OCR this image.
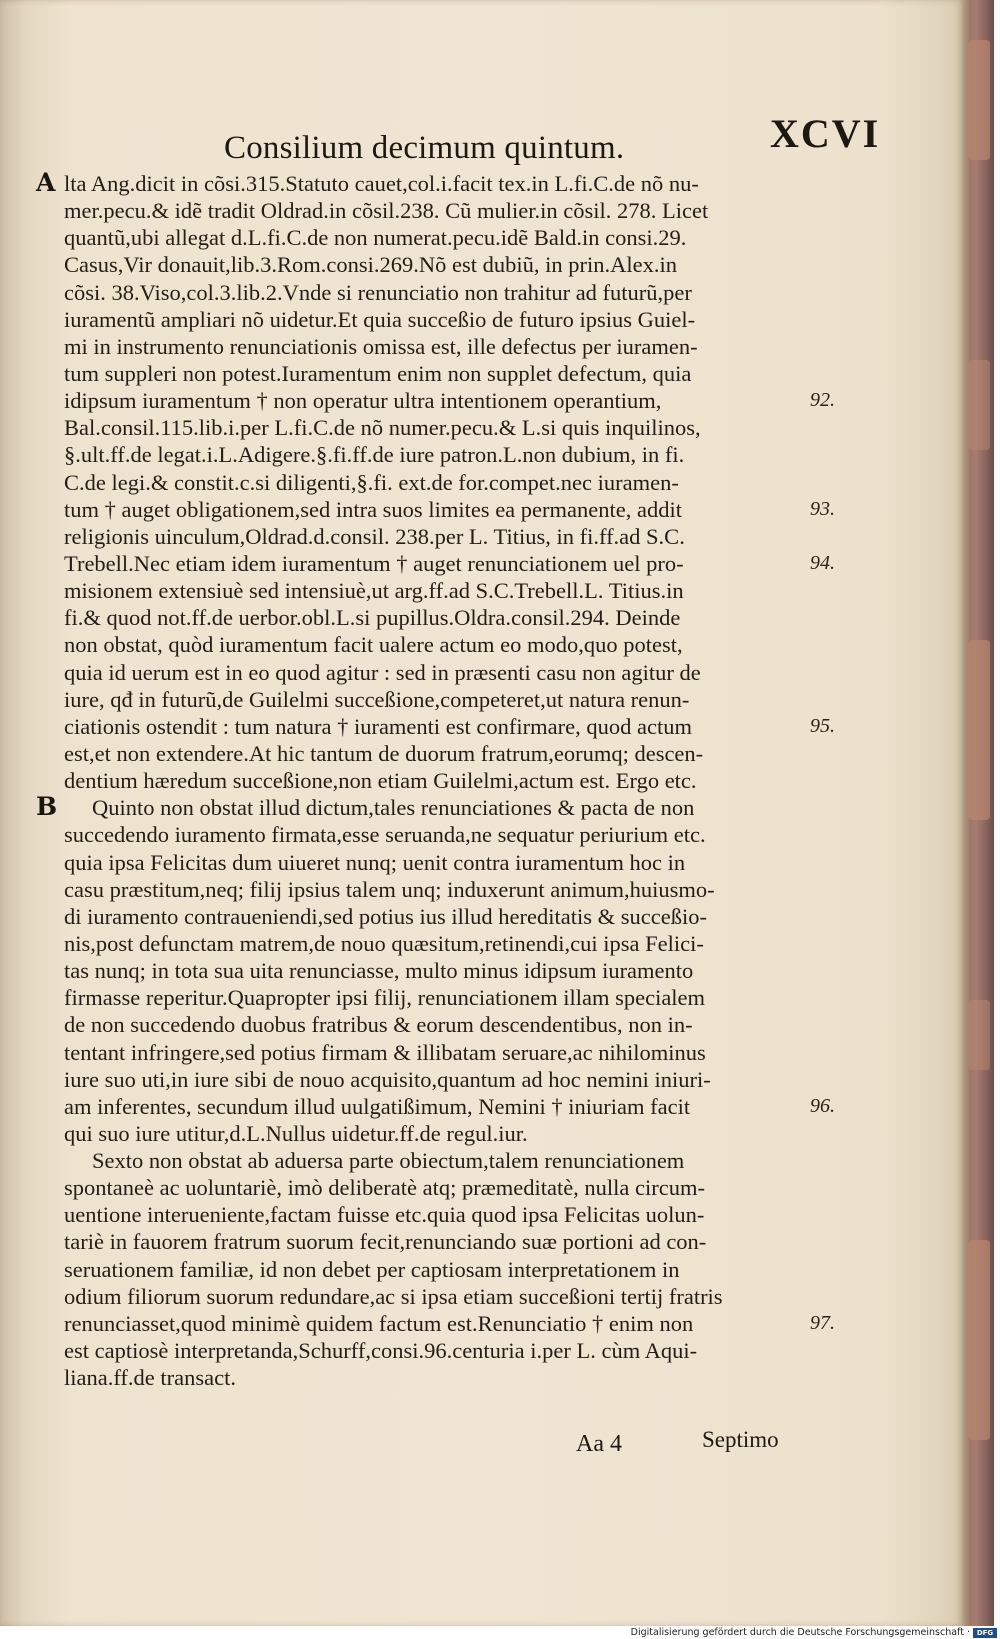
Consilium decimum quintum.	XCVI
lta Ang.dicit in cõsi.315.Statuto cauet,col.i.facit tex.in L.fi.C.de nõ nu-
mer.pecu.& idẽ tradit Oldrad.in cõsil.238. Cũ mulier.in cõsil. 278. Licet
quantũ,ubi allegat d.L.fi.C.de non numerat.pecu.idẽ Bald.in consi.29.
Casus,Vir donauit,lib.3.Rom.consi.269.Nõ est dubiũ, in prin.Alex.in
cõsi. 38.Viso,col.3.lib.2.Vnde si renunciatio non trahitur ad futurũ,per
iuramentũ ampliari nõ uidetur.Et quia succeßio de futuro ipsius Guiel-
mi in instrumento renunciationis omissa est, ille defectus per iuramen-
tum suppleri non potest.Iuramentum enim non supplet defectum, quia
idipsum iuramentum † non operatur ultra intentionem operantium,
Bal.consil.115.lib.i.per L.fi.C.de nõ numer.pecu.& L.si quis inquilinos,
§.ult.ff.de legat.i.L.Adigere.§.fi.ff.de iure patron.L.non dubium, in fi.
C.de legi.& constit.c.si diligenti,§.fi. ext.de for.compet.nec iuramen-
tum † auget obligationem,sed intra suos limites ea permanente, addit
religionis uinculum,Oldrad.d.consil. 238.per L. Titius, in fi.ff.ad S.C.
Trebell.Nec etiam idem iuramentum † auget renunciationem uel pro-
misionem extensiuè sed intensiuè,ut arg.ff.ad S.C.Trebell.L. Titius.in
fi.& quod not.ff.de uerbor.obl.L.si pupillus.Oldra.consil.294. Deinde
non obstat, quòd iuramentum facit ualere actum eo modo,quo potest,
quia id uerum est in eo quod agitur : sed in præsenti casu non agitur de
iure, qđ in futurũ,de Guilelmi succeßione,competeret,ut natura renun-
ciationis ostendit : tum natura † iuramenti est confirmare, quod actum
est,et non extendere.At hic tantum de duorum fratrum,eorumq; descen-
dentium hæredum succeßione,non etiam Guilelmi,actum est. Ergo etc.
Quinto non obstat illud dictum,tales renunciationes & pacta de non
succedendo iuramento firmata,esse seruanda,ne sequatur periurium etc.
quia ipsa Felicitas dum uiueret nunq; uenit contra iuramentum hoc in
casu præstitum,neq; filij ipsius talem unq; induxerunt animum,huiusmo-
di iuramento contraueniendi,sed potius ius illud hereditatis & succeßio-
nis,post defunctam matrem,de nouo quæsitum,retinendi,cui ipsa Felici-
tas nunq; in tota sua uita renunciasse, multo minus idipsum iuramento
firmasse reperitur.Quapropter ipsi filij, renunciationem illam specialem
de non succedendo duobus fratribus & eorum descendentibus, non in-
tentant infringere,sed potius firmam & illibatam seruare,ac nihilominus
iure suo uti,in iure sibi de nouo acquisito,quantum ad hoc nemini iniuri-
am inferentes, secundum illud uulgatißimum, Nemini † iniuriam facit
qui suo iure utitur,d.L.Nullus uidetur.ff.de regul.iur.
Sexto non obstat ab aduersa parte obiectum,talem renunciationem
spontaneè ac uoluntariè, imò deliberatè atq; præmeditatè, nulla circum-
uentione interueniente,factam fuisse etc.quia quod ipsa Felicitas uolun-
tariè in fauorem fratrum suorum fecit,renunciando suæ portioni ad con-
seruationem familiæ, id non debet per captiosam interpretationem in
odium filiorum suorum redundare,ac si ipsa etiam succeßioni tertij fratris
renunciasset,quod minimè quidem factum est.Renunciatio † enim non
est captiosè interpretanda,Schurff,consi.96.centuria i.per L. cùm Aqui-
liana.ff.de transact.
A
B
92.
93.
94.
95.
96.
97.
Aa 4	Septimo
Digitalisierung gefördert durch die Deutsche Forschungsgemeinschaft · DFG
